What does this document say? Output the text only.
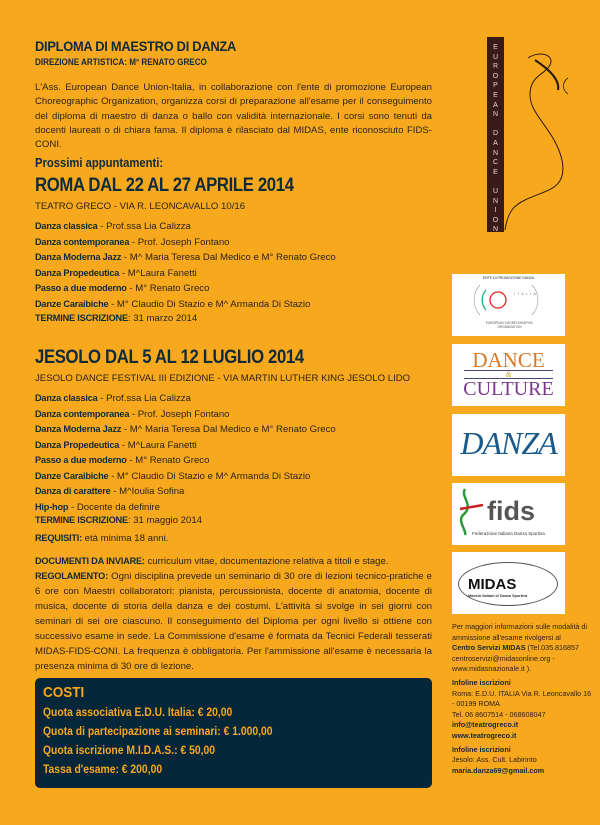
DIPLOMA DI MAESTRO DI DANZA
DIREZIONE ARTISTICA: M° RENATO GRECO
L'Ass. European Dance Union-Italia, in collaborazione con l'ente di promozione European Choreographic Organization, organizza corsi di preparazione all'esame per il conseguimento del diploma di maestro di danza o ballo con validità internazionale. I corsi sono tenuti da docenti laureati o di chiara fama. Il diploma è rilasciato dal MIDAS, ente riconosciuto FIDS-CONI.
Prossimi appuntamenti:
ROMA DAL 22 AL 27 APRILE 2014
TEATRO GRECO - VIA R. LEONCAVALLO 10/16
Danza classica - Prof.ssa Lia Calizza
Danza contemporanea - Prof. Joseph Fontano
Danza Moderna Jazz - M^ Maria Teresa Dal Medico e M° Renato Greco
Danza Propedeutica - M^Laura Fanetti
Passo a due moderno - M° Renato Greco
Danze Caraibiche - M° Claudio Di Stazio e M^ Armanda Di Stazio
TERMINE ISCRIZIONE: 31 marzo 2014
JESOLO DAL 5 AL 12 LUGLIO 2014
JESOLO DANCE FESTIVAL III EDIZIONE - VIA MARTIN LUTHER KING JESOLO LIDO
Danza classica - Prof.ssa Lia Calizza
Danza contemporanea - Prof. Joseph Fontano
Danza Moderna Jazz - M^ Maria Teresa Dal Medico e M° Renato Greco
Danza Propedeutica - M^Laura Fanetti
Passo a due moderno - M° Renato Greco
Danze Caraibiche - M° Claudio Di Stazio e M^ Armanda Di Stazio
Danza di carattere - M^Ioulia Sofina
Hip-hop - Docente da definire
TERMINE ISCRIZIONE: 31 maggio 2014
REQUISITI: età minima 18 anni.
DOCUMENTI DA INVIARE: curriculum vitae, documentazione relativa a titoli e stage.
REGOLAMENTO: Ogni disciplina prevede un seminario di 30 ore di lezioni tecnico-pratiche e 6 ore con Maestri collaboratori: pianista, percussionista, docente di anatomia, docente di musica, docente di storia della danza e dei costumi. L'attività si svolge in sei giorni con seminari di sei ore ciascuno. Il conseguimento del Diploma per ogni livello si ottiene con successivo esame in sede. La Commissione d'esame è formata da Tecnici Federali tesserati MIDAS-FIDS-CONI. La frequenza è obbligatoria. Per l'ammissione all'esame è necessaria la presenza minima di 30 ore di lezione.
COSTI
Quota associativa E.D.U. Italia: € 20,00
Quota di partecipazione ai seminari: € 1.000,00
Quota iscrizione M.I.D.A.S.: € 50,00
Tassa d'esame: € 200,00
E
U
R
O
P
E
A
N

D
A
N
C
E

U
N
I
O
N
ENTE DI PROMOZIONE DANZA
ITALIA
EUROPEAN CHOREOGRAPHIC ORGANIZATION
DANCE
&
CULTURE
DANZA
fids
Federazione Italiana Danza Sportiva
MIDAS
Maestri Italiani di Danza Sportiva
Per maggiori informazioni sulle modalità di ammissione all'esame rivolgersi al
Centro Servizi MIDAS (Tel.035.816857 centroservizi@midasonline.org - www.midasnazionale.it ).
Infoline iscrizioni
Roma: E.D.U. ITALIA Via R. Leoncavallo 16 - 00199 ROMA
Tel. 06 8607514 - 068608047
info@teatrogreco.it
www.teatrogreco.it
Infoline iscrizioni
Jesolo: Ass. Cult. Labirinto
maria.danza69@gmail.com
